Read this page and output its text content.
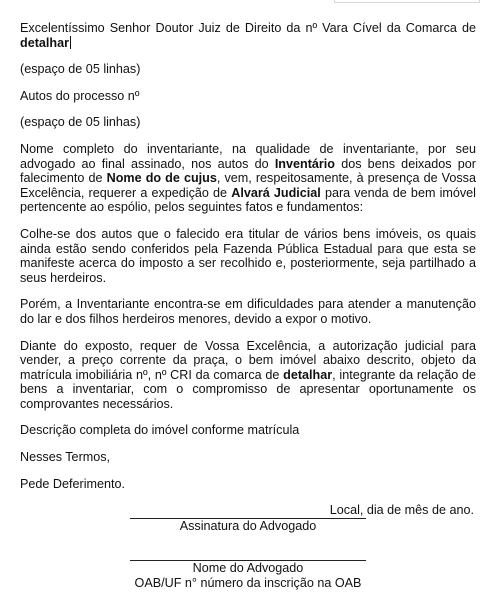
Excelentíssimo Senhor Doutor Juiz de Direito da nº Vara Cível da Comarca de detalhar

(espaço de 05 linhas)

Autos do processo nº

(espaço de 05 linhas)

Nome completo do inventariante, na qualidade de inventariante, por seu advogado ao final assinado, nos autos do Inventário dos bens deixados por falecimento de Nome do de cujus, vem, respeitosamente, à presença de Vossa Excelência, requerer a expedição de Alvará Judicial para venda de bem imóvel pertencente ao espólio, pelos seguintes fatos e fundamentos:

Colhe-se dos autos que o falecido era titular de vários bens imóveis, os quais ainda estão sendo conferidos pela Fazenda Pública Estadual para que esta se manifeste acerca do imposto a ser recolhido e, posteriormente, seja partilhado a seus herdeiros.

Porém, a Inventariante encontra-se em dificuldades para atender a manutenção do lar e dos filhos herdeiros menores, devido a expor o motivo.

Diante do exposto, requer de Vossa Excelência, a autorização judicial para vender, a preço corrente da praça, o bem imóvel abaixo descrito, objeto da matrícula imobiliária nº, nº CRI da comarca de detalhar, integrante da relação de bens a inventariar, com o compromisso de apresentar oportunamente os comprovantes necessários.

Descrição completa do imóvel conforme matrícula

Nesses Termos,

Pede Deferimento.

Local, dia de mês de ano.

Assinatura do Advogado
Nome do Advogado
OAB/UF n° número da inscrição na OAB
